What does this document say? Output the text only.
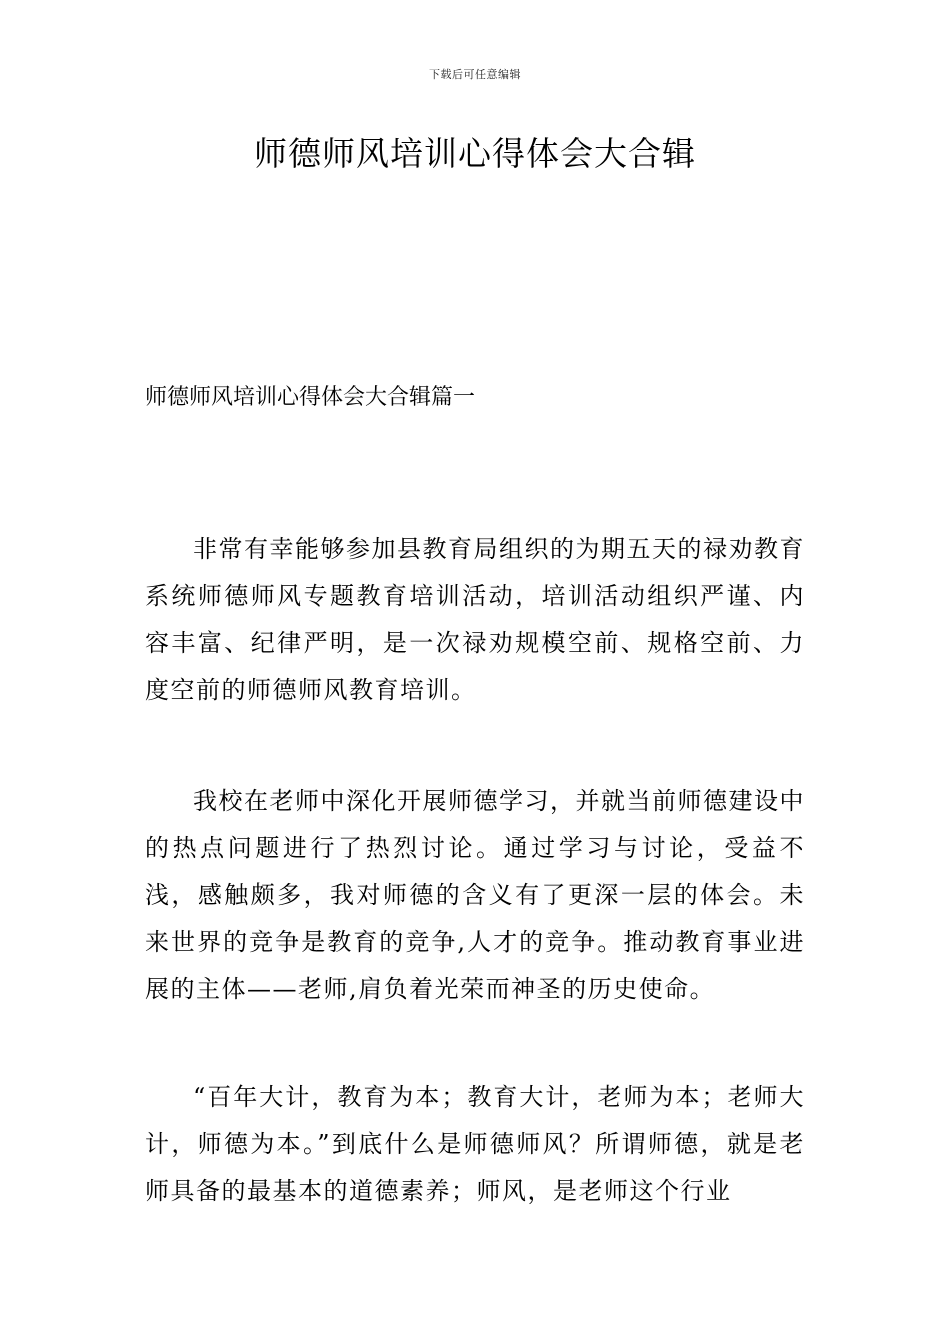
下载后可任意编辑
师德师风培训心得体会大合辑
师德师风培训心得体会大合辑篇一

非常有幸能够参加县教育局组织的为期五天的禄劝教育系统师德师风专题教育培训活动，培训活动组织严谨、内容丰富、纪律严明，是一次禄劝规模空前、规格空前、力度空前的师德师风教育培训。

我校在老师中深化开展师德学习，并就当前师德建设中的热点问题进行了热烈讨论。通过学习与讨论，受益不浅，感触颇多，我对师德的含义有了更深一层的体会。未来世界的竞争是教育的竞争,人才的竞争。推动教育事业进展的主体——老师,肩负着光荣而神圣的历史使命。

“百年大计，教育为本；教育大计，老师为本；老师大计，师德为本。”到底什么是师德师风？所谓师德，就是老师具备的最基本的道德素养；师风，是老师这个行业
